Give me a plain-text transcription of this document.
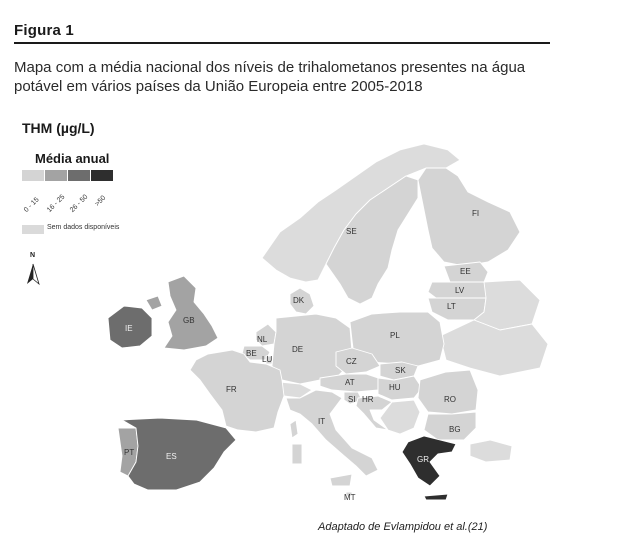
Figura 1
Mapa com a média nacional dos níveis de trihalometanos presentes na água potável em vários países da União Europeia entre 2005-2018
THM (µg/L)
Média anual
0 - 15 16 - 25 26 - 50 >50
Sem dados disponíveis
N
SE
FI
EE
LV
LT
DK
IE
GB
NL
BE
LU
DE
PL
CZ
SK
AT
HU
SI HR
FR
RO
BG
IT
PT	ES	GR
MT
Adaptado de Evlampidou et al.(21)
